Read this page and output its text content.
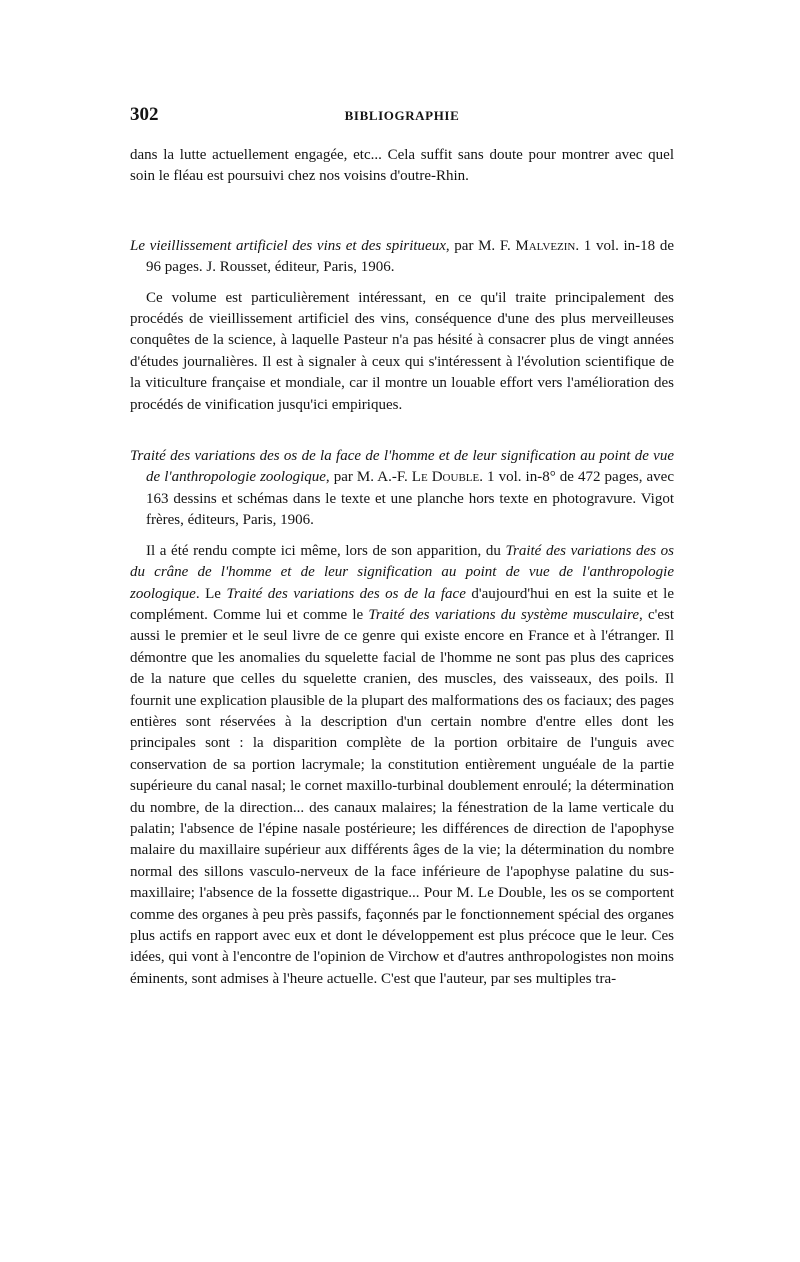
302	BIBLIOGRAPHIE

dans la lutte actuellement engagée, etc... Cela suffit sans doute pour montrer avec quel soin le fléau est poursuivi chez nos voisins d'outre-Rhin.

Le vieillissement artificiel des vins et des spiritueux, par M. F. Malvezin. 1 vol. in-18 de 96 pages. J. Rousset, éditeur, Paris, 1906.

Ce volume est particulièrement intéressant, en ce qu'il traite principalement des procédés de vieillissement artificiel des vins, conséquence d'une des plus merveilleuses conquêtes de la science, à laquelle Pasteur n'a pas hésité à consacrer plus de vingt années d'études journalières. Il est à signaler à ceux qui s'intéressent à l'évolution scientifique de la viticulture française et mondiale, car il montre un louable effort vers l'amélioration des procédés de vinification jusqu'ici empiriques.

Traité des variations des os de la face de l'homme et de leur signification au point de vue de l'anthropologie zoologique, par M. A.-F. Le Double. 1 vol. in-8° de 472 pages, avec 163 dessins et schémas dans le texte et une planche hors texte en photogravure. Vigot frères, éditeurs, Paris, 1906.

Il a été rendu compte ici même, lors de son apparition, du Traité des variations des os du crâne de l'homme et de leur signification au point de vue de l'anthropologie zoologique. Le Traité des variations des os de la face d'aujourd'hui en est la suite et le complément. Comme lui et comme le Traité des variations du système musculaire, c'est aussi le premier et le seul livre de ce genre qui existe encore en France et à l'étranger. Il démontre que les anomalies du squelette facial de l'homme ne sont pas plus des caprices de la nature que celles du squelette cranien, des muscles, des vaisseaux, des poils. Il fournit une explication plausible de la plupart des malformations des os faciaux; des pages entières sont réservées à la description d'un certain nombre d'entre elles dont les principales sont : la disparition complète de la portion orbitaire de l'unguis avec conservation de sa portion lacrymale; la constitution entièrement unguéale de la partie supérieure du canal nasal; le cornet maxillo-turbinal doublement enroulé; la détermination du nombre, de la direction... des canaux malaires; la fénestration de la lame verticale du palatin; l'absence de l'épine nasale postérieure; les différences de direction de l'apophyse malaire du maxillaire supérieur aux différents âges de la vie; la détermination du nombre normal des sillons vasculo-nerveux de la face inférieure de l'apophyse palatine du sus-maxillaire; l'absence de la fossette digastrique... Pour M. Le Double, les os se comportent comme des organes à peu près passifs, façonnés par le fonctionnement spécial des organes plus actifs en rapport avec eux et dont le développement est plus précoce que le leur. Ces idées, qui vont à l'encontre de l'opinion de Virchow et d'autres anthropologistes non moins éminents, sont admises à l'heure actuelle. C'est que l'auteur, par ses multiples tra-
